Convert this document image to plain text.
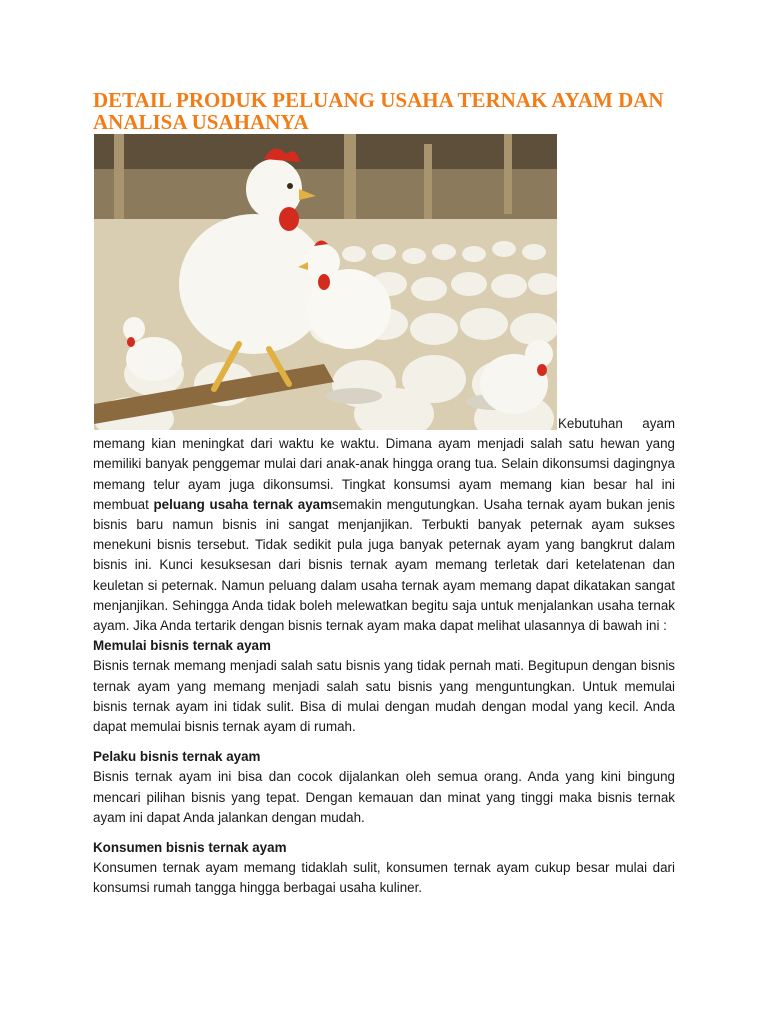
DETAIL PRODUK PELUANG USAHA TERNAK AYAM DAN ANALISA USAHANYA

Kebutuhan ayam memang kian meningkat dari waktu ke waktu. Dimana ayam menjadi salah satu hewan yang memiliki banyak penggemar mulai dari anak-anak hingga orang tua. Selain dikonsumsi dagingnya memang telur ayam juga dikonsumsi. Tingkat konsumsi ayam memang kian besar hal ini membuat peluang usaha ternak ayamsemakin mengutungkan. Usaha ternak ayam bukan jenis bisnis baru namun bisnis ini sangat menjanjikan. Terbukti banyak peternak ayam sukses menekuni bisnis tersebut. Tidak sedikit pula juga banyak peternak ayam yang bangkrut dalam bisnis ini. Kunci kesuksesan dari bisnis ternak ayam memang terletak dari ketelatenan dan keuletan si peternak. Namun peluang dalam usaha ternak ayam memang dapat dikatakan sangat menjanjikan. Sehingga Anda tidak boleh melewatkan begitu saja untuk menjalankan usaha ternak ayam. Jika Anda tertarik dengan bisnis ternak ayam maka dapat melihat ulasannya di bawah ini :

Memulai bisnis ternak ayam

Bisnis ternak memang menjadi salah satu bisnis yang tidak pernah mati. Begitupun dengan bisnis ternak ayam yang memang menjadi salah satu bisnis yang menguntungkan. Untuk memulai bisnis ternak ayam ini tidak sulit. Bisa di mulai dengan mudah dengan modal yang kecil. Anda dapat memulai bisnis ternak ayam di rumah.

Pelaku bisnis ternak ayam

Bisnis ternak ayam ini bisa dan cocok dijalankan oleh semua orang. Anda yang kini bingung mencari pilihan bisnis yang tepat. Dengan kemauan dan minat yang tinggi maka bisnis ternak ayam ini dapat Anda jalankan dengan mudah.

Konsumen bisnis ternak ayam

Konsumen ternak ayam memang tidaklah sulit, konsumen ternak ayam cukup besar mulai dari konsumsi rumah tangga hingga berbagai usaha kuliner.
